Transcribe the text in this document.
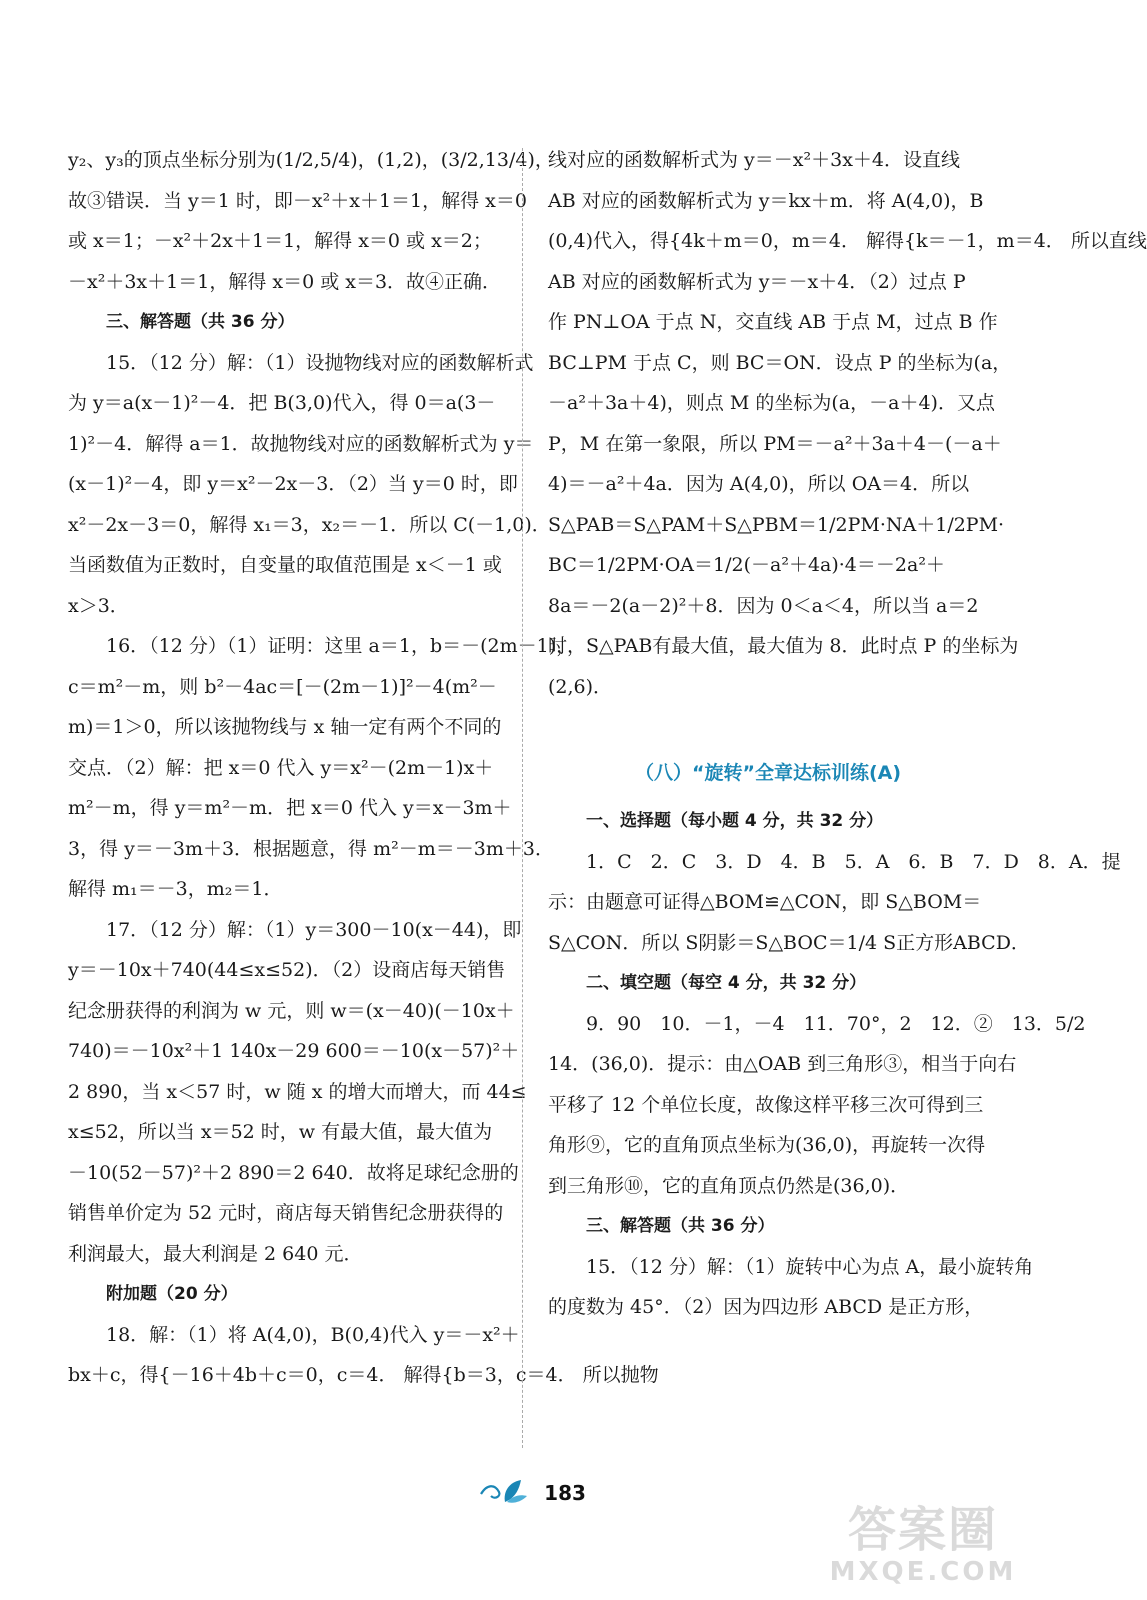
y₂、y₃的顶点坐标分别为(1/2,5/4)，(1,2)，(3/2,13/4)，
故③错误．当 y＝1 时，即－x²＋x＋1＝1，解得 x＝0
或 x＝1；－x²＋2x＋1＝1，解得 x＝0 或 x＝2；
－x²＋3x＋1＝1，解得 x＝0 或 x＝3．故④正确．
三、解答题（共 36 分）
15．（12 分）解：（1）设抛物线对应的函数解析式
为 y＝a(x－1)²－4．把 B(3,0)代入，得 0＝a(3－
1)²－4．解得 a＝1．故抛物线对应的函数解析式为 y＝
(x－1)²－4，即 y＝x²－2x－3．（2）当 y＝0 时，即
x²－2x－3＝0，解得 x₁＝3，x₂＝－1．所以 C(－1,0)．
当函数值为正数时，自变量的取值范围是 x＜－1 或
x＞3．
16．（12 分）（1）证明：这里 a＝1，b＝－(2m－1)，
c＝m²－m，则 b²－4ac＝[－(2m－1)]²－4(m²－
m)＝1＞0，所以该抛物线与 x 轴一定有两个不同的
交点．（2）解：把 x＝0 代入 y＝x²－(2m－1)x＋
m²－m，得 y＝m²－m．把 x＝0 代入 y＝x－3m＋
3，得 y＝－3m＋3．根据题意，得 m²－m＝－3m＋3．
解得 m₁＝－3，m₂＝1．
17．（12 分）解：（1）y＝300－10(x－44)，即
y＝－10x＋740(44≤x≤52)．（2）设商店每天销售
纪念册获得的利润为 w 元，则 w＝(x－40)(－10x＋
740)＝－10x²＋1 140x－29 600＝－10(x－57)²＋
2 890，当 x＜57 时，w 随 x 的增大而增大，而 44≤
x≤52，所以当 x＝52 时，w 有最大值，最大值为
－10(52－57)²＋2 890＝2 640．故将足球纪念册的
销售单价定为 52 元时，商店每天销售纪念册获得的
利润最大，最大利润是 2 640 元．
附加题（20 分）
18．解：（1）将 A(4,0)，B(0,4)代入 y＝－x²＋
bx＋c，得{－16＋4b＋c＝0，c＝4． 解得{b＝3，c＝4． 所以抛物
线对应的函数解析式为 y＝－x²＋3x＋4．设直线
AB 对应的函数解析式为 y＝kx＋m．将 A(4,0)，B
(0,4)代入，得{4k＋m＝0，m＝4． 解得{k＝－1，m＝4． 所以直线
AB 对应的函数解析式为 y＝－x＋4．（2）过点 P
作 PN⊥OA 于点 N，交直线 AB 于点 M，过点 B 作
BC⊥PM 于点 C，则 BC＝ON．设点 P 的坐标为(a，
－a²＋3a＋4)，则点 M 的坐标为(a，－a＋4)．又点
P，M 在第一象限，所以 PM＝－a²＋3a＋4－(－a＋
4)＝－a²＋4a．因为 A(4,0)，所以 OA＝4．所以
S△PAB＝S△PAM＋S△PBM＝1/2PM·NA＋1/2PM·
BC＝1/2PM·OA＝1/2(－a²＋4a)·4＝－2a²＋
8a＝－2(a－2)²＋8．因为 0＜a＜4，所以当 a＝2
时，S△PAB有最大值，最大值为 8．此时点 P 的坐标为
(2,6)．
（八）“旋转”全章达标训练(A)
一、选择题（每小题 4 分，共 32 分）
1．C　2．C　3．D　4．B　5．A　6．B　7．D　8．A．提
示：由题意可证得△BOM≌△CON，即 S△BOM＝
S△CON．所以 S阴影＝S△BOC＝1/4 S正方形ABCD．
二、填空题（每空 4 分，共 32 分）
9．90　10．－1，－4　11．70°，2　12．②　13．5/2
14．(36,0)．提示：由△OAB 到三角形③，相当于向右
平移了 12 个单位长度，故像这样平移三次可得到三
角形⑨，它的直角顶点坐标为(36,0)，再旋转一次得
到三角形⑩，它的直角顶点仍然是(36,0)．
三、解答题（共 36 分）
15．（12 分）解：（1）旋转中心为点 A，最小旋转角
的度数为 45°．（2）因为四边形 ABCD 是正方形，
183
答案圈
MXQE.COM
